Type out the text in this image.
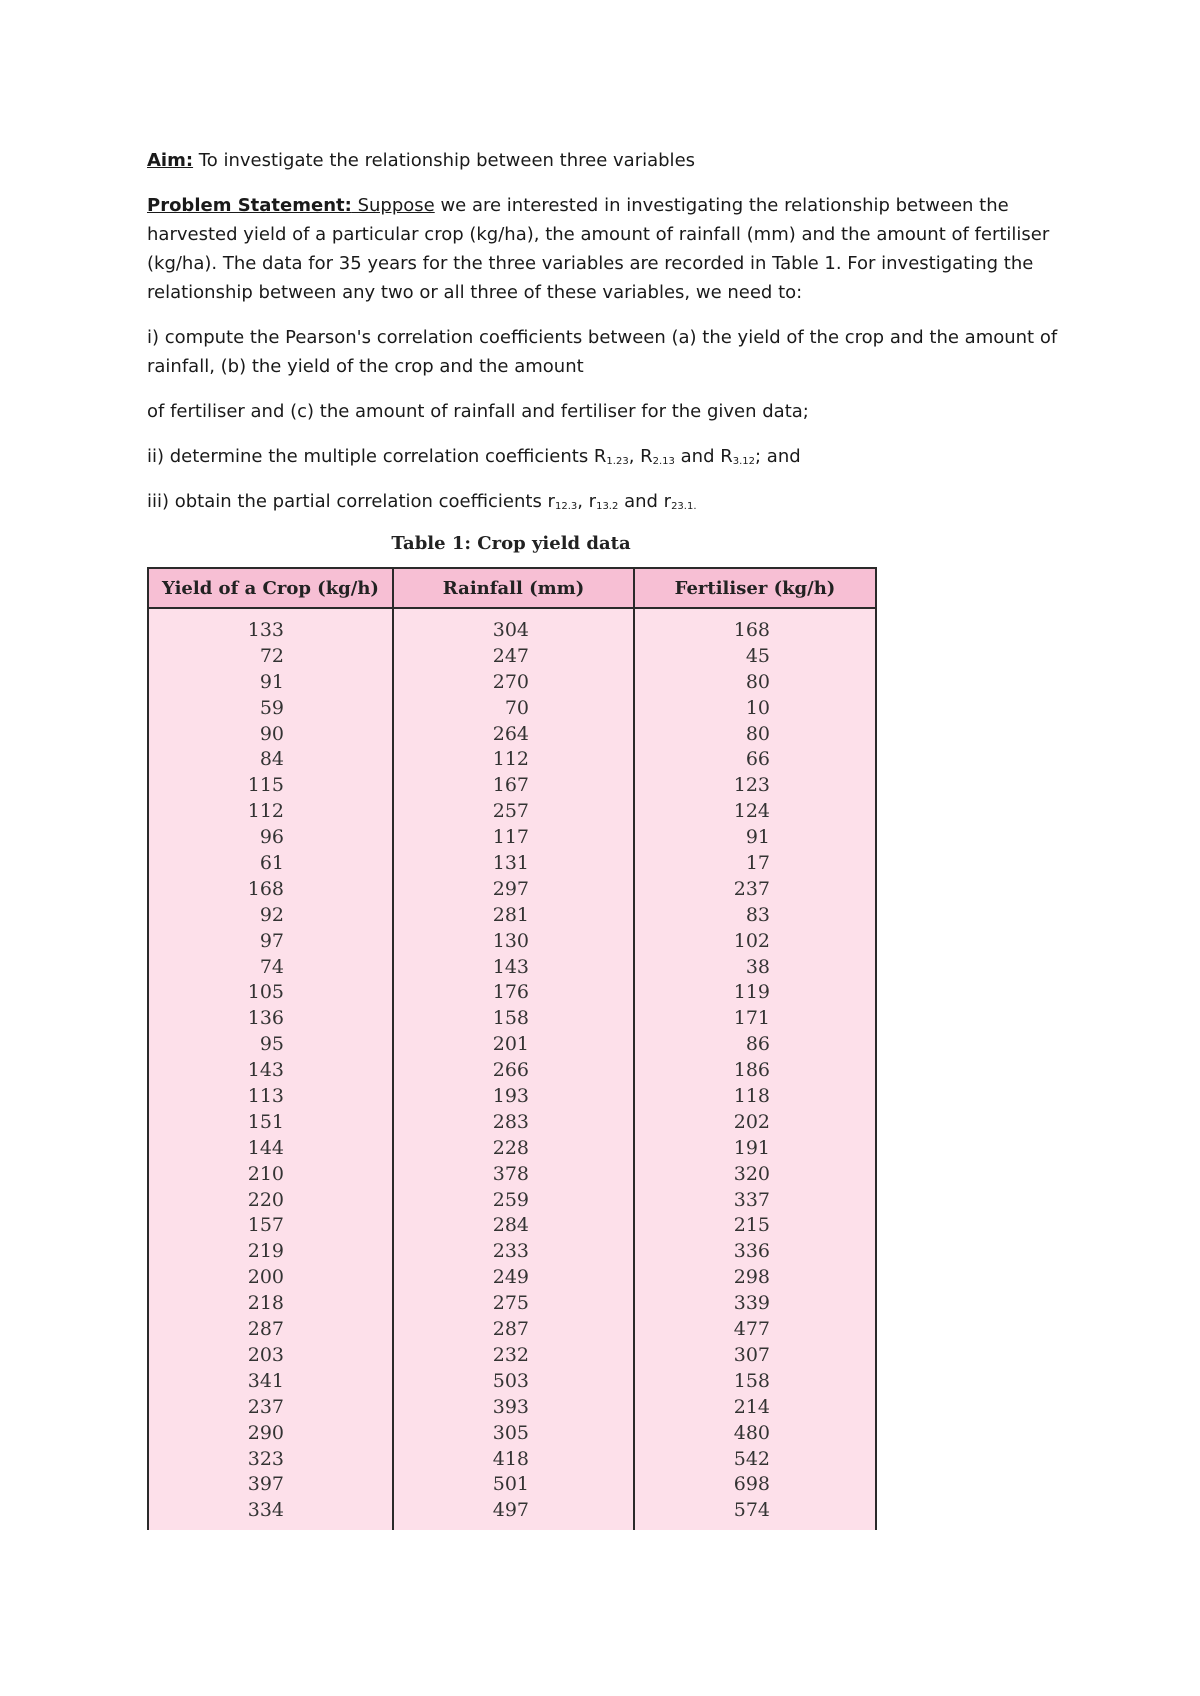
Aim: To investigate the relationship between three variables

Problem Statement: Suppose we are interested in investigating the relationship between the harvested yield of a particular crop (kg/ha), the amount of rainfall (mm) and the amount of fertiliser (kg/ha). The data for 35 years for the three variables are recorded in Table 1. For investigating the relationship between any two or all three of these variables, we need to:

i) compute the Pearson's correlation coefficients between (a) the yield of the crop and the amount of rainfall, (b) the yield of the crop and the amount

of fertiliser and (c) the amount of rainfall and fertiliser for the given data;

ii) determine the multiple correlation coefficients $R_{1.23}$, $R_{2.13}$ and $R_{3.12}$; and

iii) obtain the partial correlation coefficients $r_{12.3}$, $r_{13.2}$ and $r_{23.1.}$

Table 1: Crop yield data
Yield of a Crop (kg/h)	Rainfall (mm)	Fertiliser (kg/h)
133
72
91
59
90
84
115
112
96
61
168
92
97
74
105
136
95
143
113
151
144
210
220
157
219
200
218
287
203
341
237
290
323
397
334
304
247
270
70
264
112
167
257
117
131
297
281
130
143
176
158
201
266
193
283
228
378
259
284
233
249
275
287
232
503
393
305
418
501
497
168
45
80
10
80
66
123
124
91
17
237
83
102
38
119
171
86
186
118
202
191
320
337
215
336
298
339
477
307
158
214
480
542
698
574
